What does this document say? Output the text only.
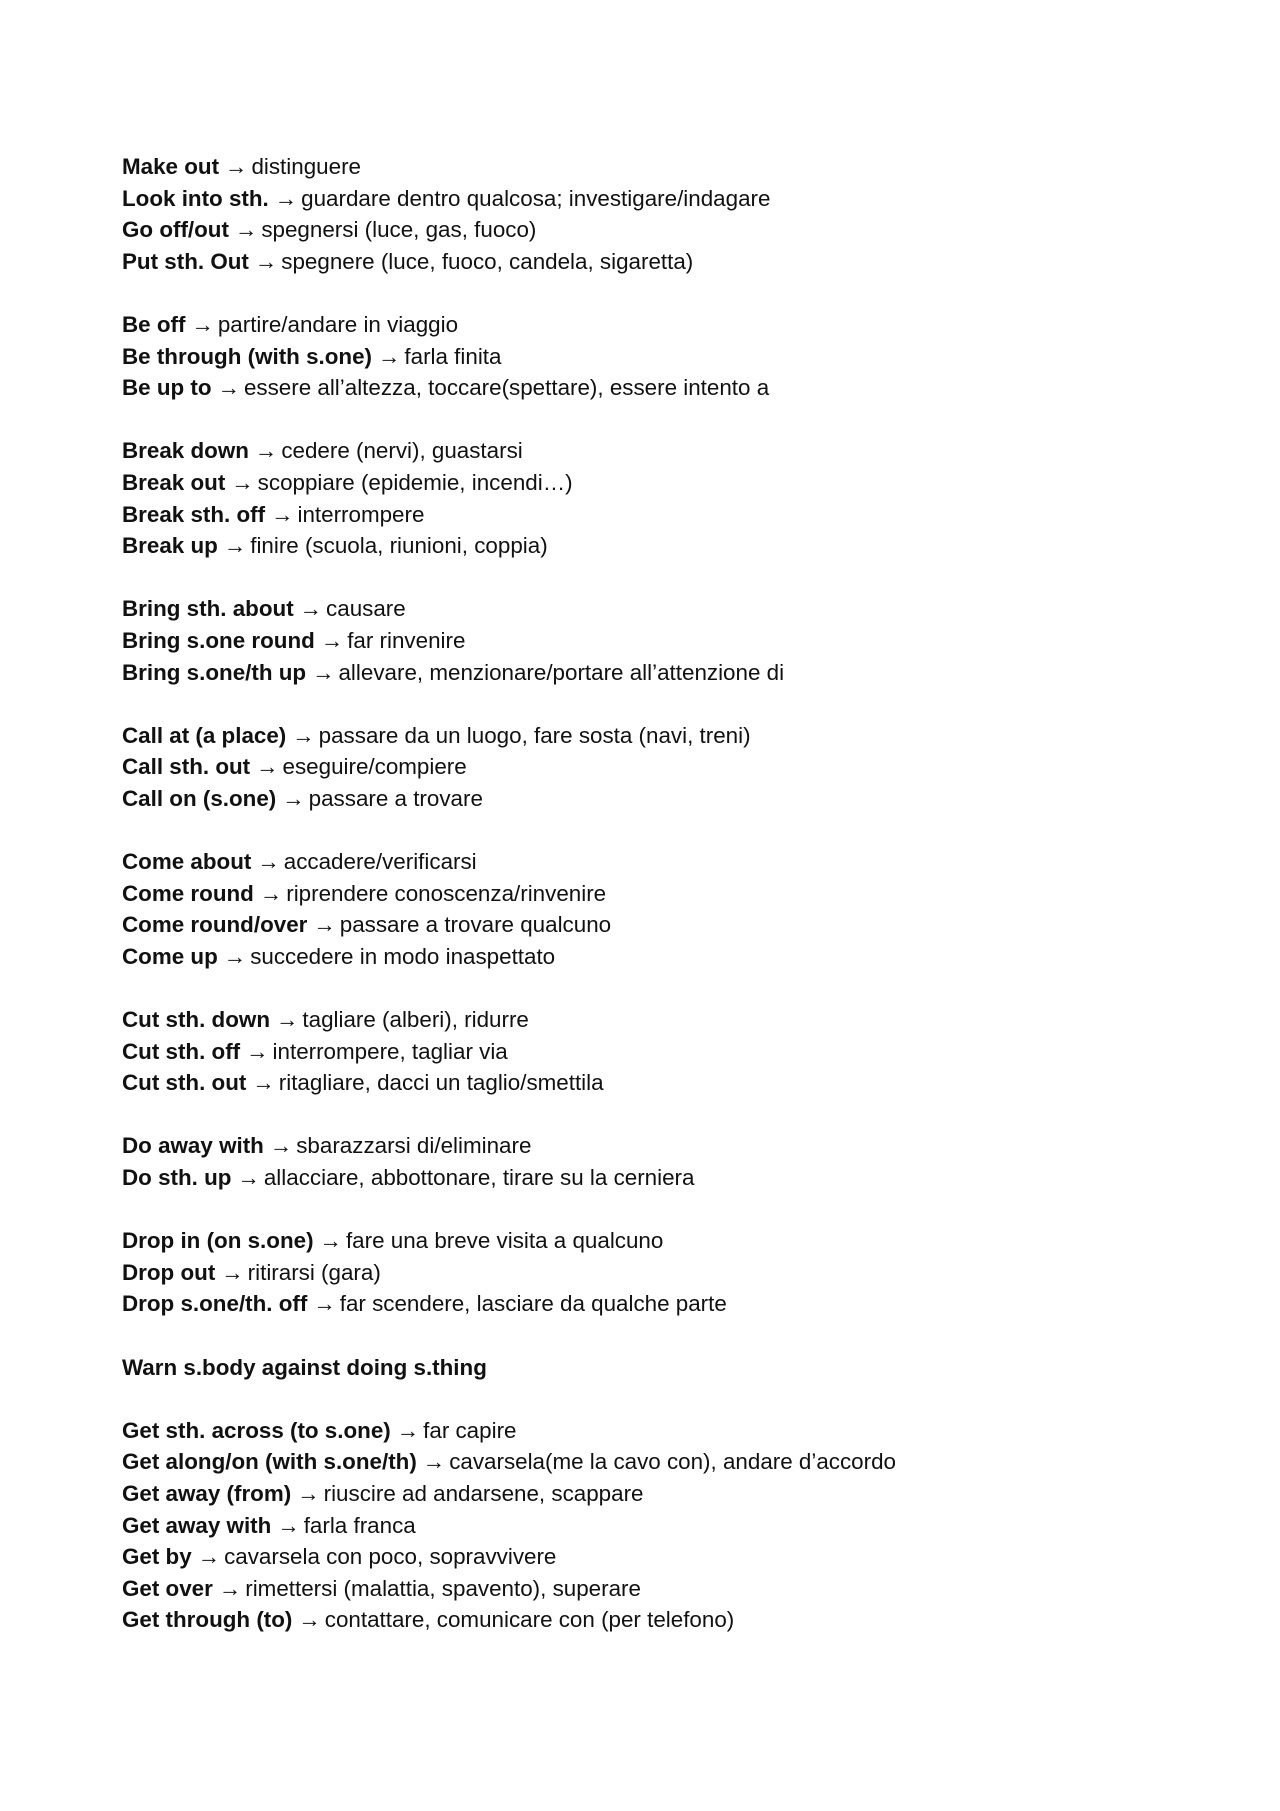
Make out → distinguere
Look into sth. → guardare dentro qualcosa; investigare/indagare
Go off/out → spegnersi (luce, gas, fuoco)
Put sth. Out → spegnere (luce, fuoco, candela, sigaretta)
Be off → partire/andare in viaggio
Be through (with s.one) → farla finita
Be up to → essere all’altezza, toccare(spettare), essere intento a
Break down → cedere (nervi), guastarsi
Break out → scoppiare (epidemie, incendi…)
Break sth. off → interrompere
Break up → finire (scuola, riunioni, coppia)
Bring sth. about → causare
Bring s.one round → far rinvenire
Bring s.one/th up → allevare, menzionare/portare all’attenzione di
Call at (a place) → passare da un luogo, fare sosta (navi, treni)
Call sth. out → eseguire/compiere
Call on (s.one) → passare a trovare
Come about → accadere/verificarsi
Come round → riprendere conoscenza/rinvenire
Come round/over → passare a trovare qualcuno
Come up → succedere in modo inaspettato
Cut sth. down → tagliare (alberi), ridurre
Cut sth. off → interrompere, tagliar via
Cut sth. out → ritagliare, dacci un taglio/smettila
Do away with → sbarazzarsi di/eliminare
Do sth. up → allacciare, abbottonare, tirare su la cerniera
Drop in (on s.one) → fare una breve visita a qualcuno
Drop out → ritirarsi (gara)
Drop s.one/th. off → far scendere, lasciare da qualche parte
Warn s.body against doing s.thing
Get sth. across (to s.one) → far capire
Get along/on (with s.one/th) → cavarsela(me la cavo con), andare d’accordo
Get away (from) → riuscire ad andarsene, scappare
Get away with → farla franca
Get by → cavarsela con poco, sopravvivere
Get over → rimettersi (malattia, spavento), superare
Get through (to) → contattare, comunicare con (per telefono)
